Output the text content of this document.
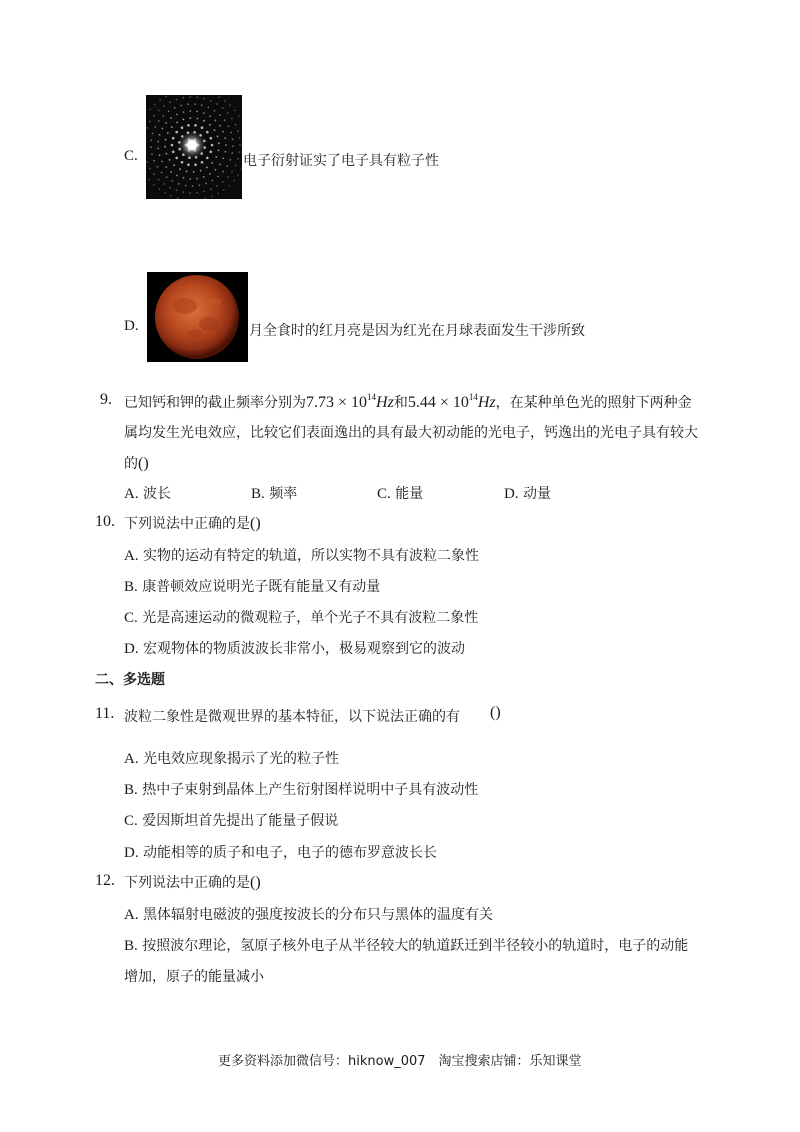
C.	电子衍射证实了电子具有粒子性
D.	月全食时的红月亮是因为红光在月球表面发生干涉所致
9. 已知钙和钾的截止频率分别为$7.73 \times 10^{14}Hz$和$5.44 \times 10^{14}Hz$，在某种单色光的照射下两种金
属均发生光电效应，比较它们表面逸出的具有最大初动能的光电子，钙逸出的光电子具有较大
的()
A. 波长	B. 频率	C. 能量	D. 动量
10. 下列说法中正确的是()
A. 实物的运动有特定的轨道，所以实物不具有波粒二象性
B. 康普顿效应说明光子既有能量又有动量
C. 光是高速运动的微观粒子，单个光子不具有波粒二象性
D. 宏观物体的物质波波长非常小，极易观察到它的波动
二、多选题
11. 波粒二象性是微观世界的基本特征，以下说法正确的有 ()
A. 光电效应现象揭示了光的粒子性
B. 热中子束射到晶体上产生衍射图样说明中子具有波动性
C. 爱因斯坦首先提出了能量子假说
D. 动能相等的质子和电子，电子的德布罗意波长长
12. 下列说法中正确的是()
A. 黑体辐射电磁波的强度按波长的分布只与黑体的温度有关
B. 按照波尔理论，氢原子核外电子从半径较大的轨道跃迁到半径较小的轨道时，电子的动能
增加，原子的能量减小
更多资料添加微信号：hiknow_007　淘宝搜索店铺：乐知课堂
